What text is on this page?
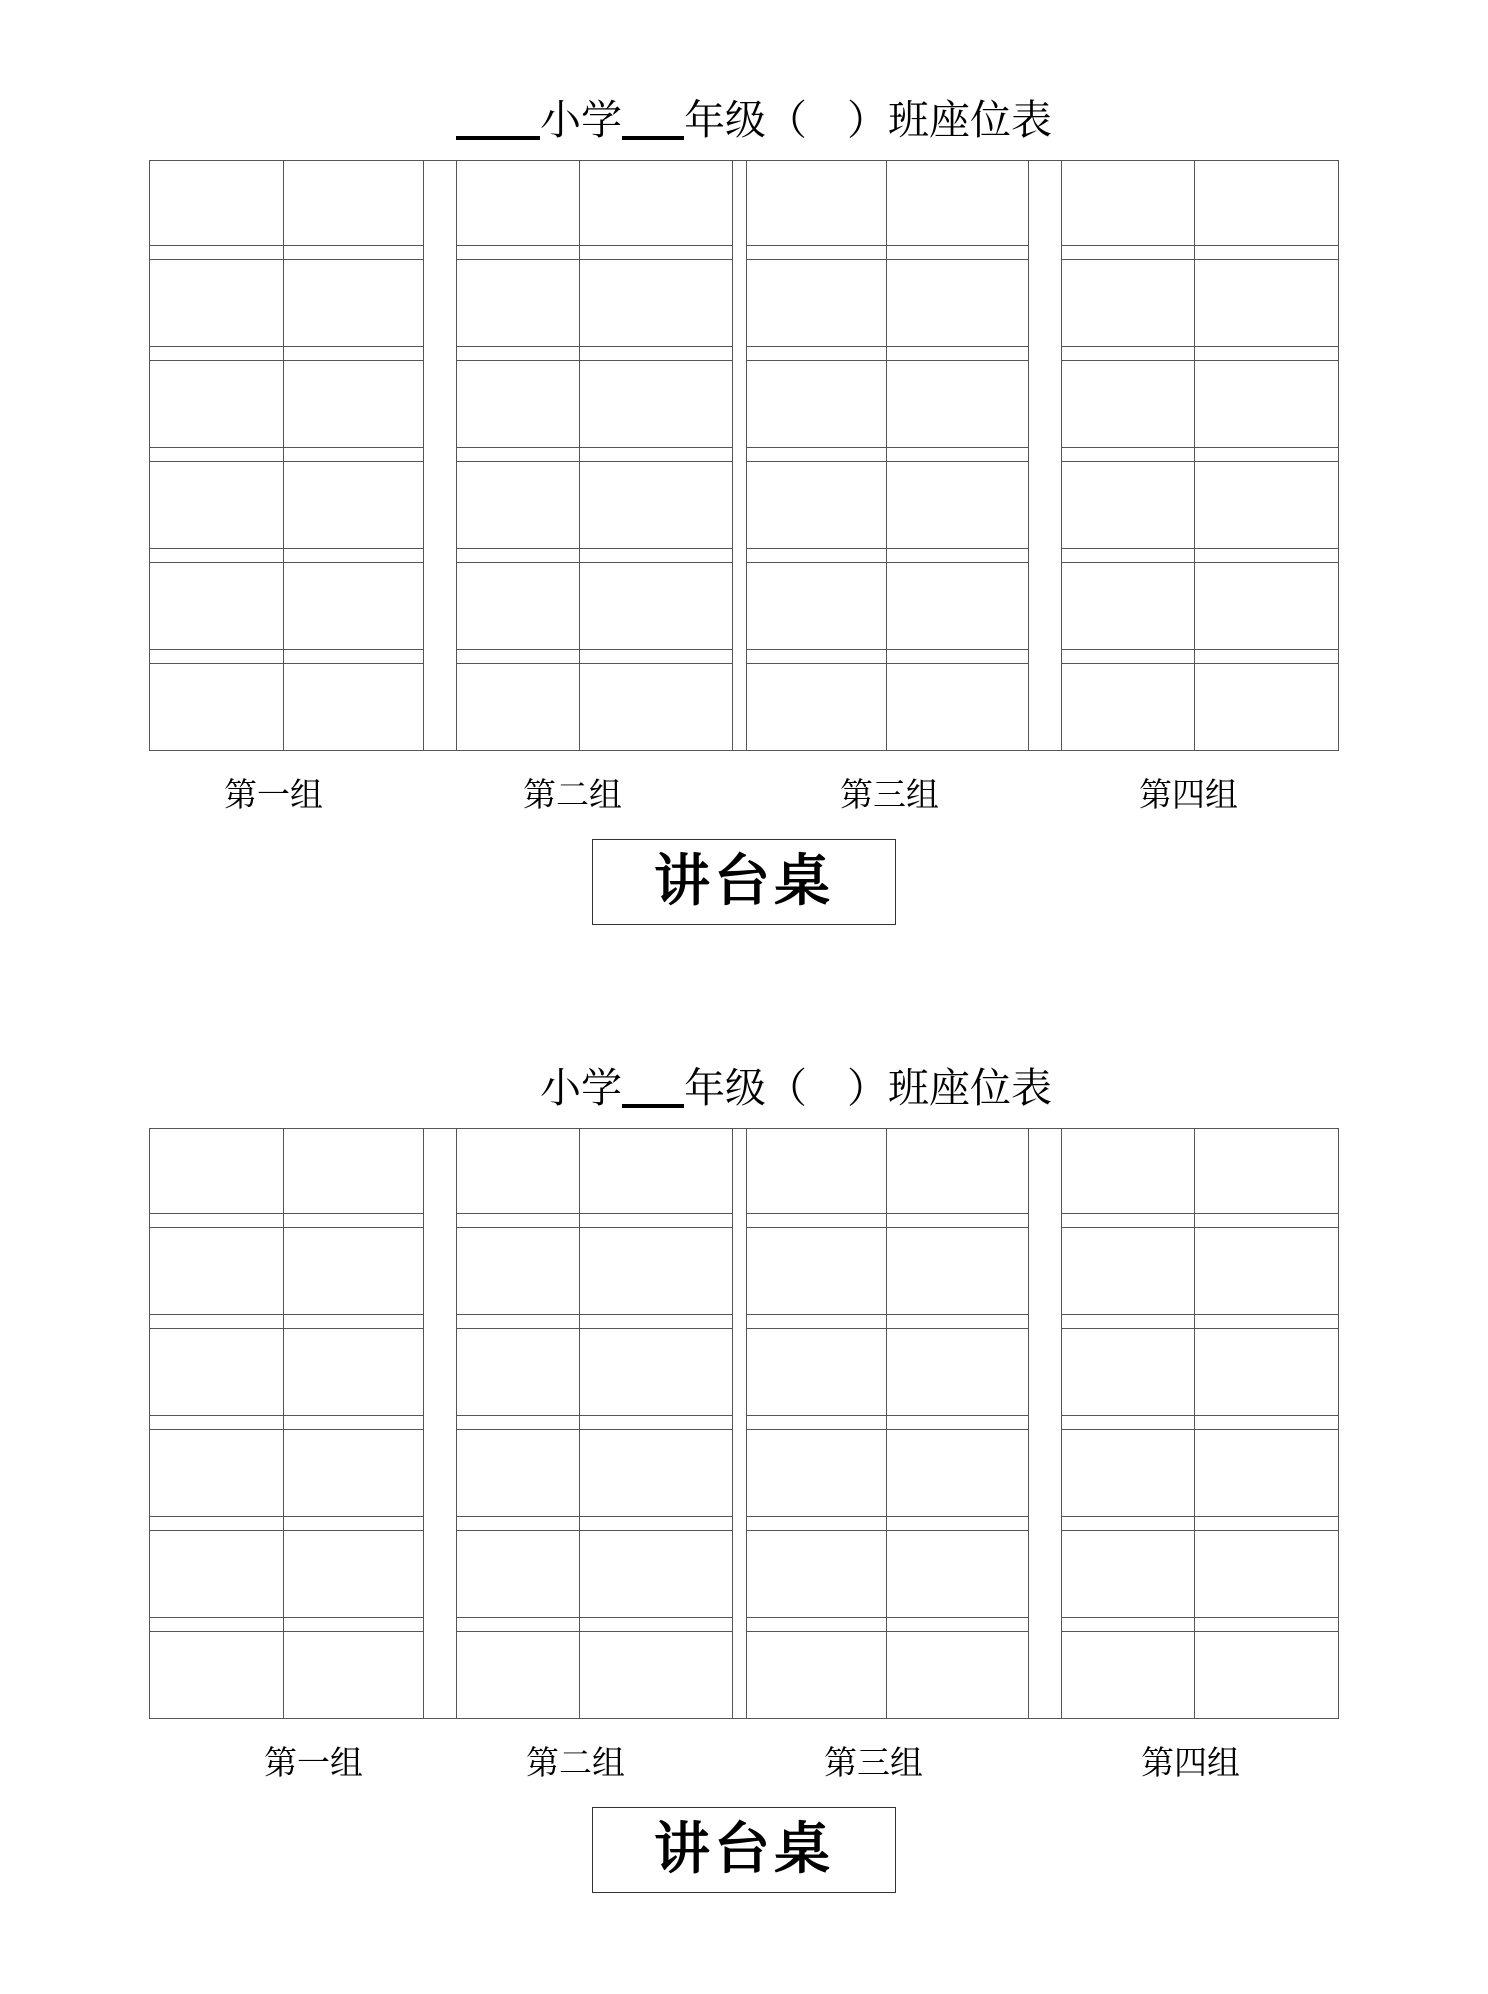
小学 年级（ ）班座位表
第一组	第二组	第三组	第四组
讲台桌
小学 年级（ ）班座位表
第一组	第二组	第三组	第四组
讲台桌
